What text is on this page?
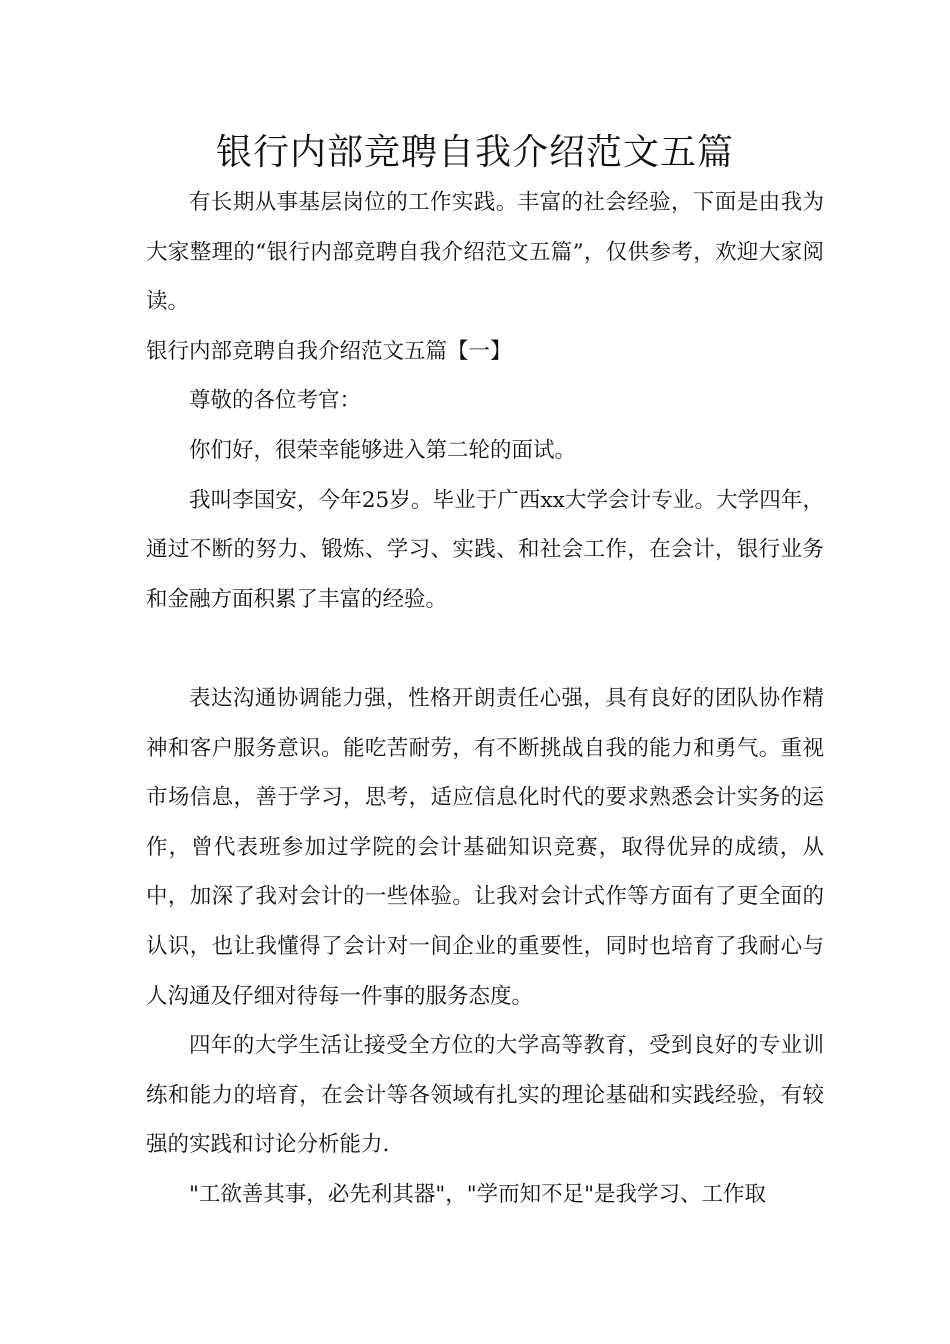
银行内部竞聘自我介绍范文五篇

有长期从事基层岗位的工作实践。丰富的社会经验，下面是由我为大家整理的“银行内部竞聘自我介绍范文五篇”，仅供参考，欢迎大家阅读。

银行内部竞聘自我介绍范文五篇【一】

尊敬的各位考官：

你们好，很荣幸能够进入第二轮的面试。

我叫李国安，今年25岁。毕业于广西xx大学会计专业。大学四年，通过不断的努力、锻炼、学习、实践、和社会工作，在会计，银行业务和金融方面积累了丰富的经验。

表达沟通协调能力强，性格开朗责任心强，具有良好的团队协作精神和客户服务意识。能吃苦耐劳，有不断挑战自我的能力和勇气。重视市场信息，善于学习，思考，适应信息化时代的要求熟悉会计实务的运作，曾代表班参加过学院的会计基础知识竞赛，取得优异的成绩，从中，加深了我对会计的一些体验。让我对会计式作等方面有了更全面的认识，也让我懂得了会计对一间企业的重要性，同时也培育了我耐心与人沟通及仔细对待每一件事的服务态度。

四年的大学生活让接受全方位的大学高等教育，受到良好的专业训练和能力的培育，在会计等各领域有扎实的理论基础和实践经验，有较强的实践和讨论分析能力.

"工欲善其事，必先利其器"，"学而知不足"是我学习、工作取
